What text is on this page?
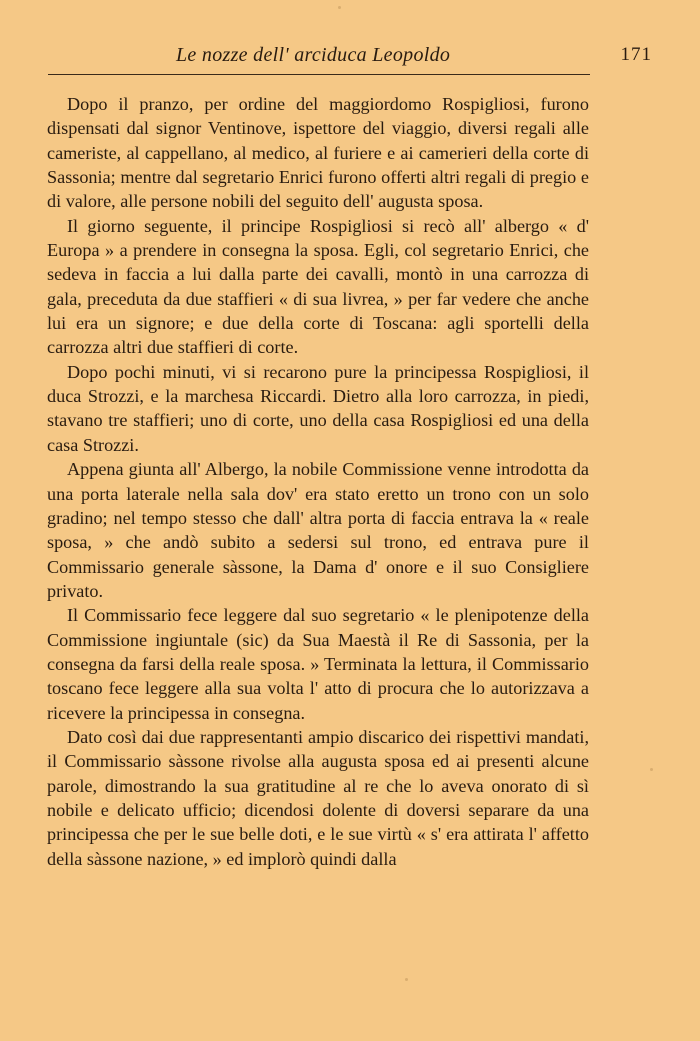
Le nozze dell' arciduca Leopoldo	171

Dopo il pranzo, per ordine del maggiordomo Rospigliosi, furono dispensati dal signor Ventinove, ispettore del viaggio, diversi regali alle cameriste, al cappellano, al medico, al furiere e ai camerieri della corte di Sassonia; mentre dal segretario Enrici furono offerti altri regali di pregio e di valore, alle persone nobili del seguito dell' augusta sposa.

Il giorno seguente, il principe Rospigliosi si recò all' albergo « d' Europa » a prendere in consegna la sposa. Egli, col segretario Enrici, che sedeva in faccia a lui dalla parte dei cavalli, montò in una carrozza di gala, preceduta da due staffieri « di sua livrea, » per far vedere che anche lui era un signore; e due della corte di Toscana: agli sportelli della carrozza altri due staffieri di corte.

Dopo pochi minuti, vi si recarono pure la principessa Rospigliosi, il duca Strozzi, e la marchesa Riccardi. Dietro alla loro carrozza, in piedi, stavano tre staffieri; uno di corte, uno della casa Rospigliosi ed una della casa Strozzi.

Appena giunta all' Albergo, la nobile Commissione venne introdotta da una porta laterale nella sala dov' era stato eretto un trono con un solo gradino; nel tempo stesso che dall' altra porta di faccia entrava la « reale sposa, » che andò subito a sedersi sul trono, ed entrava pure il Commissario generale sàssone, la Dama d' onore e il suo Consigliere privato.

Il Commissario fece leggere dal suo segretario « le plenipotenze della Commissione ingiuntale (sic) da Sua Maestà il Re di Sassonia, per la consegna da farsi della reale sposa. » Terminata la lettura, il Commissario toscano fece leggere alla sua volta l' atto di procura che lo autorizzava a ricevere la principessa in consegna.

Dato così dai due rappresentanti ampio discarico dei rispettivi mandati, il Commissario sàssone rivolse alla augusta sposa ed ai presenti alcune parole, dimostrando la sua gratitudine al re che lo aveva onorato di sì nobile e delicato ufficio; dicendosi dolente di doversi separare da una principessa che per le sue belle doti, e le sue virtù « s' era attirata l' affetto della sàssone nazione, » ed implorò quindi dalla
